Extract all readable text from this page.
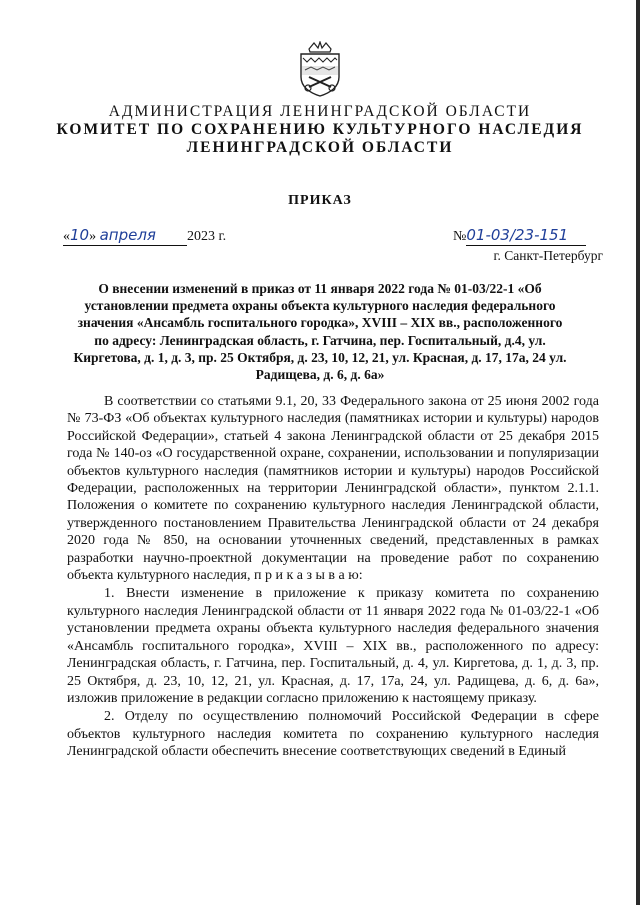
АДМИНИСТРАЦИЯ ЛЕНИНГРАДСКОЙ ОБЛАСТИ
КОМИТЕТ ПО СОХРАНЕНИЮ КУЛЬТУРНОГО НАСЛЕДИЯ
ЛЕНИНГРАДСКОЙ ОБЛАСТИ
ПРИКАЗ
«10» апреля 2023 г.	№01-03/23-151
г. Санкт-Петербург
О внесении изменений в приказ от 11 января 2022 года № 01-03/22-1 «Об установлении предмета охраны объекта культурного наследия федерального значения «Ансамбль госпитального городка», XVIII – XIX вв., расположенного по адресу: Ленинградская область, г. Гатчина, пер. Госпитальный, д.4, ул. Киргетова, д. 1, д. 3, пр. 25 Октября, д. 23, 10, 12, 21, ул. Красная, д. 17, 17а, 24 ул. Радищева, д. 6, д. 6а»

В соответствии со статьями 9.1, 20, 33 Федерального закона от 25 июня 2002 года № 73-ФЗ «Об объектах культурного наследия (памятниках истории и культуры) народов Российской Федерации», статьей 4 закона Ленинградской области от 25 декабря 2015 года № 140-оз «О государственной охране, сохранении, использовании и популяризации объектов культурного наследия (памятников истории и культуры) народов Российской Федерации, расположенных на территории Ленинградской области», пунктом 2.1.1. Положения о комитете по сохранению культурного наследия Ленинградской области, утвержденного постановлением Правительства Ленинградской области от 24 декабря 2020 года № 850, на основании уточненных сведений, представленных в рамках разработки научно-проектной документации на проведение работ по сохранению объекта культурного наследия, п р и к а з ы в а ю:

1. Внести изменение в приложение к приказу комитета по сохранению культурного наследия Ленинградской области от 11 января 2022 года № 01-03/22-1 «Об установлении предмета охраны объекта культурного наследия федерального значения «Ансамбль госпитального городка», XVIII – XIX вв., расположенного по адресу: Ленинградская область, г. Гатчина, пер. Госпитальный, д. 4, ул. Киргетова, д. 1, д. 3, пр. 25 Октября, д. 23, 10, 12, 21, ул. Красная, д. 17, 17а, 24, ул. Радищева, д. 6, д. 6а», изложив приложение в редакции согласно приложению к настоящему приказу.

2. Отделу по осуществлению полномочий Российской Федерации в сфере объектов культурного наследия комитета по сохранению культурного наследия Ленинградской области обеспечить внесение соответствующих сведений в Единый
